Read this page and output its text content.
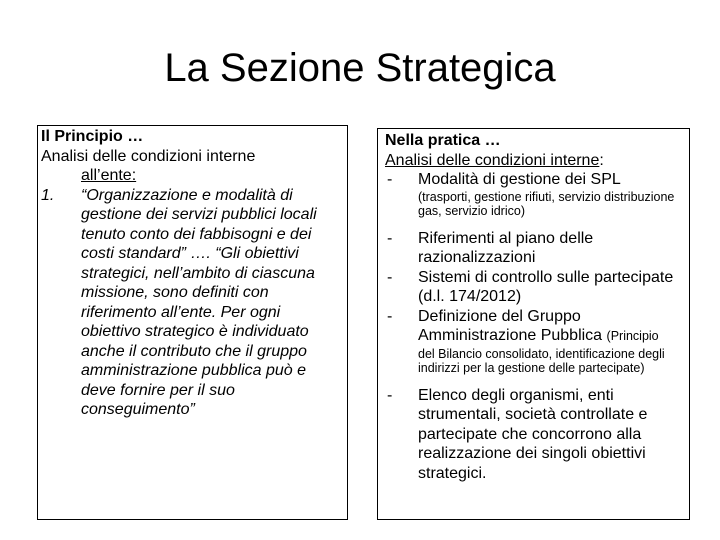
La Sezione Strategica
Il Principio …
Analisi delle condizioni interne
all’ente:
1. “Organizzazione e modalità di gestione dei servizi pubblici locali tenuto conto dei fabbisogni e dei costi standard” …. “Gli obiettivi strategici, nell’ambito di ciascuna missione, sono definiti con riferimento all’ente. Per ogni obiettivo strategico è individuato anche il contributo che il gruppo amministrazione pubblica può e deve fornire per il suo conseguimento”
Nella pratica …
Analisi delle condizioni interne:
- Modalità di gestione dei SPL
(trasporti, gestione rifiuti, servizio distribuzione gas, servizio idrico)
- Riferimenti al piano delle razionalizzazioni
- Sistemi di controllo sulle partecipate (d.l. 174/2012)
- Definizione del Gruppo Amministrazione Pubblica (Principio
del Bilancio consolidato, identificazione degli indirizzi per la gestione delle partecipate)
- Elenco degli organismi, enti strumentali, società controllate e partecipate che concorrono alla realizzazione dei singoli obiettivi strategici.
